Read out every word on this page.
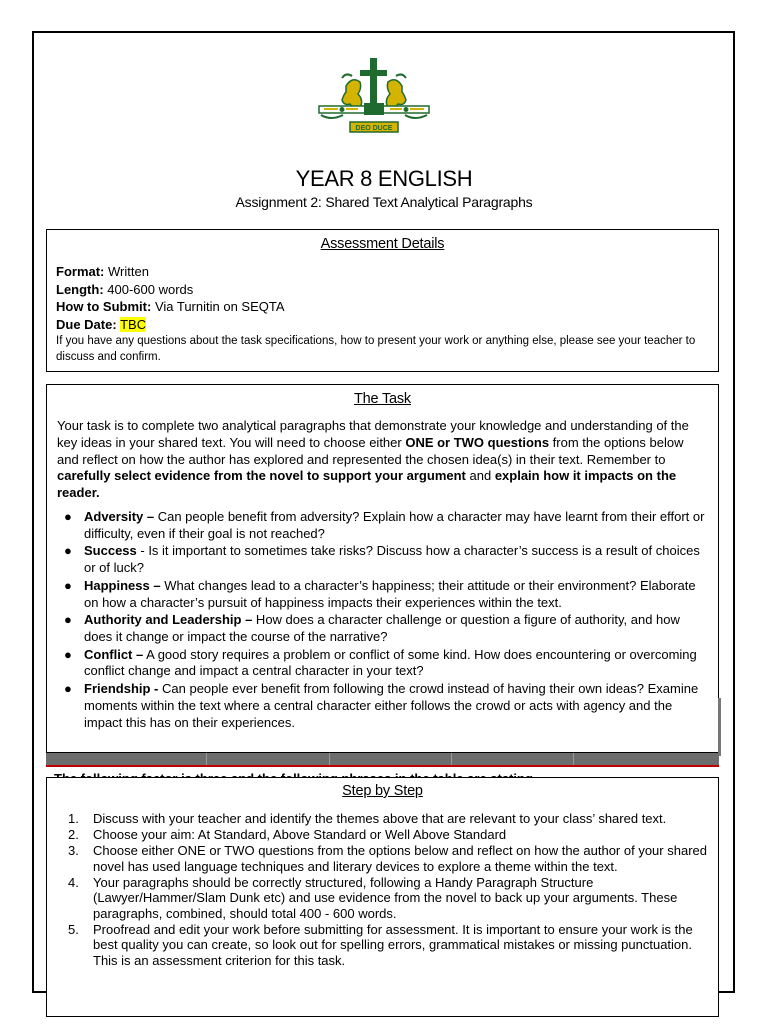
DEO DUCE
YEAR 8 ENGLISH
Assignment 2: Shared Text Analytical Paragraphs

Assessment Details

Format: Written
Length: 400-600 words
How to Submit: Via Turnitin on SEQTA
Due Date: TBC
If you have any questions about the task specifications, how to present your work or anything else, please see your teacher to discuss and confirm.

The Task

Your task is to complete two analytical paragraphs that demonstrate your knowledge and understanding of the key ideas in your shared text. You will need to choose either ONE or TWO questions from the options below and reflect on how the author has explored and represented the chosen idea(s) in their text. Remember to carefully select evidence from the novel to support your argument and explain how it impacts on the reader.

● Adversity – Can people benefit from adversity? Explain how a character may have learnt from their effort or difficulty, even if their goal is not reached?
● Success - Is it important to sometimes take risks? Discuss how a character’s success is a result of choices or of luck?
● Happiness – What changes lead to a character’s happiness; their attitude or their environment? Elaborate on how a character’s pursuit of happiness impacts their experiences within the text.
● Authority and Leadership – How does a character challenge or question a figure of authority, and how does it change or impact the course of the narrative?
● Conflict – A good story requires a problem or conflict of some kind. How does encountering or overcoming conflict change and impact a central character in your text?
● Friendship - Can people ever benefit from following the crowd instead of having their own ideas? Examine moments within the text where a central character either follows the crowd or acts with agency and the impact this has on their experiences.

Step by Step

1. Discuss with your teacher and identify the themes above that are relevant to your class’ shared text.
2. Choose your aim: At Standard, Above Standard or Well Above Standard
3. Choose either ONE or TWO questions from the options below and reflect on how the author of your shared novel has used language techniques and literary devices to explore a theme within the text.
4. Your paragraphs should be correctly structured, following a Handy Paragraph Structure (Lawyer/Hammer/Slam Dunk etc) and use evidence from the novel to back up your arguments. These paragraphs, combined, should total 400 - 600 words.
5. Proofread and edit your work before submitting for assessment. It is important to ensure your work is the best quality you can create, so look out for spelling errors, grammatical mistakes or missing punctuation. This is an assessment criterion for this task.
